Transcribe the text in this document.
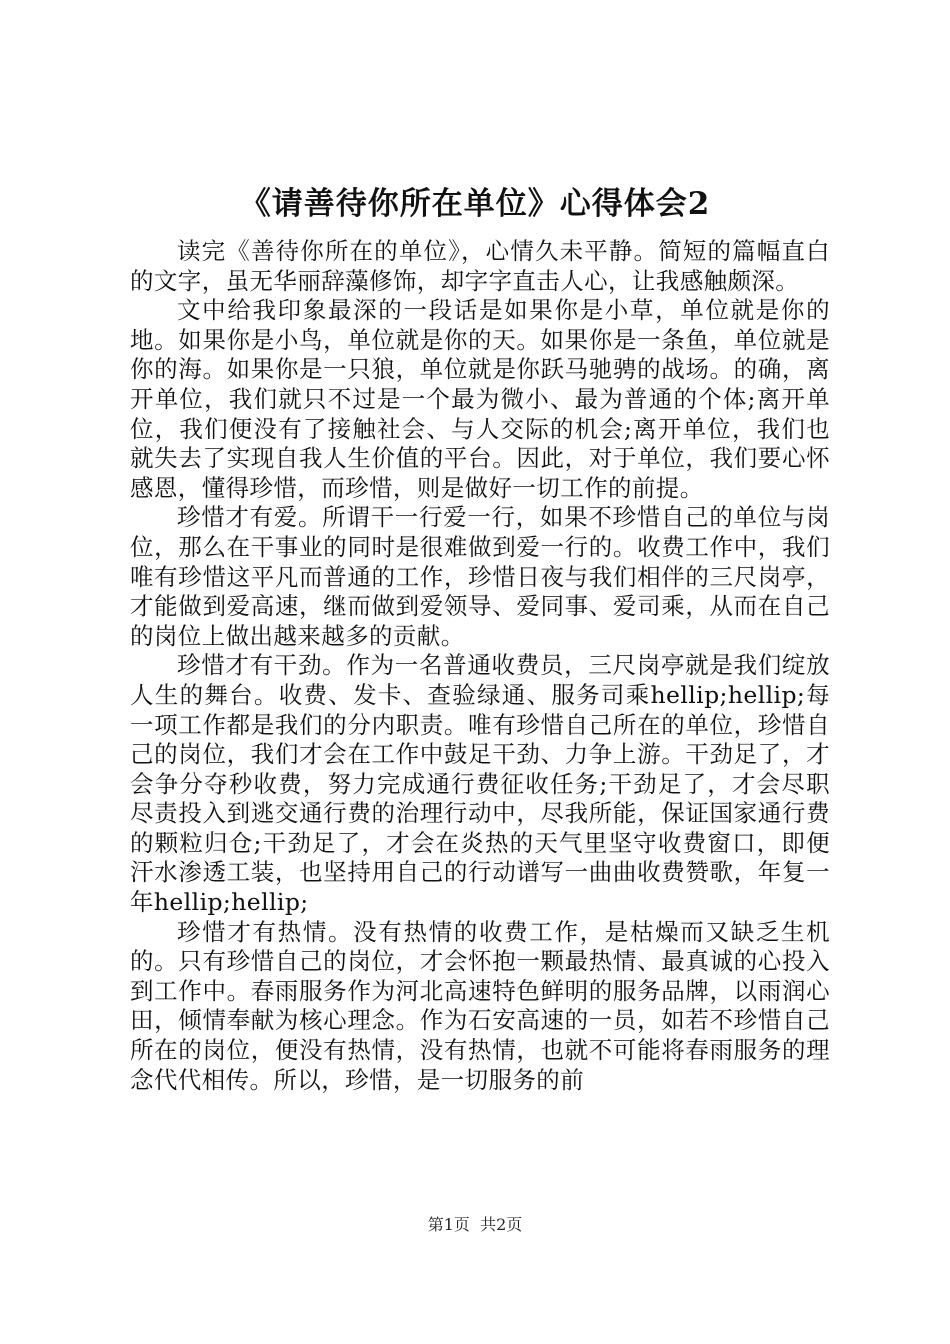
《请善待你所在单位》心得体会2

读完《善待你所在的单位》，心情久未平静。简短的篇幅直白的文字，虽无华丽辞藻修饰，却字字直击人心，让我感触颇深。

文中给我印象最深的一段话是如果你是小草，单位就是你的地。如果你是小鸟，单位就是你的天。如果你是一条鱼，单位就是你的海。如果你是一只狼，单位就是你跃马驰骋的战场。的确，离开单位，我们就只不过是一个最为微小、最为普通的个体;离开单位，我们便没有了接触社会、与人交际的机会;离开单位，我们也就失去了实现自我人生价值的平台。因此，对于单位，我们要心怀感恩，懂得珍惜，而珍惜，则是做好一切工作的前提。

珍惜才有爱。所谓干一行爱一行，如果不珍惜自己的单位与岗位，那么在干事业的同时是很难做到爱一行的。收费工作中，我们唯有珍惜这平凡而普通的工作，珍惜日夜与我们相伴的三尺岗亭，才能做到爱高速，继而做到爱领导、爱同事、爱司乘，从而在自己的岗位上做出越来越多的贡献。

珍惜才有干劲。作为一名普通收费员，三尺岗亭就是我们绽放人生的舞台。收费、发卡、查验绿通、服务司乘hellip;hellip;每一项工作都是我们的分内职责。唯有珍惜自己所在的单位，珍惜自己的岗位，我们才会在工作中鼓足干劲、力争上游。干劲足了，才会争分夺秒收费，努力完成通行费征收任务;干劲足了，才会尽职尽责投入到逃交通行费的治理行动中，尽我所能，保证国家通行费的颗粒归仓;干劲足了，才会在炎热的天气里坚守收费窗口，即便汗水渗透工装，也坚持用自己的行动谱写一曲曲收费赞歌，年复一年hellip;hellip;

珍惜才有热情。没有热情的收费工作，是枯燥而又缺乏生机的。只有珍惜自己的岗位，才会怀抱一颗最热情、最真诚的心投入到工作中。春雨服务作为河北高速特色鲜明的服务品牌，以雨润心田，倾情奉献为核心理念。作为石安高速的一员，如若不珍惜自己所在的岗位，便没有热情，没有热情，也就不可能将春雨服务的理念代代相传。所以，珍惜，是一切服务的前

第1页  共2页
